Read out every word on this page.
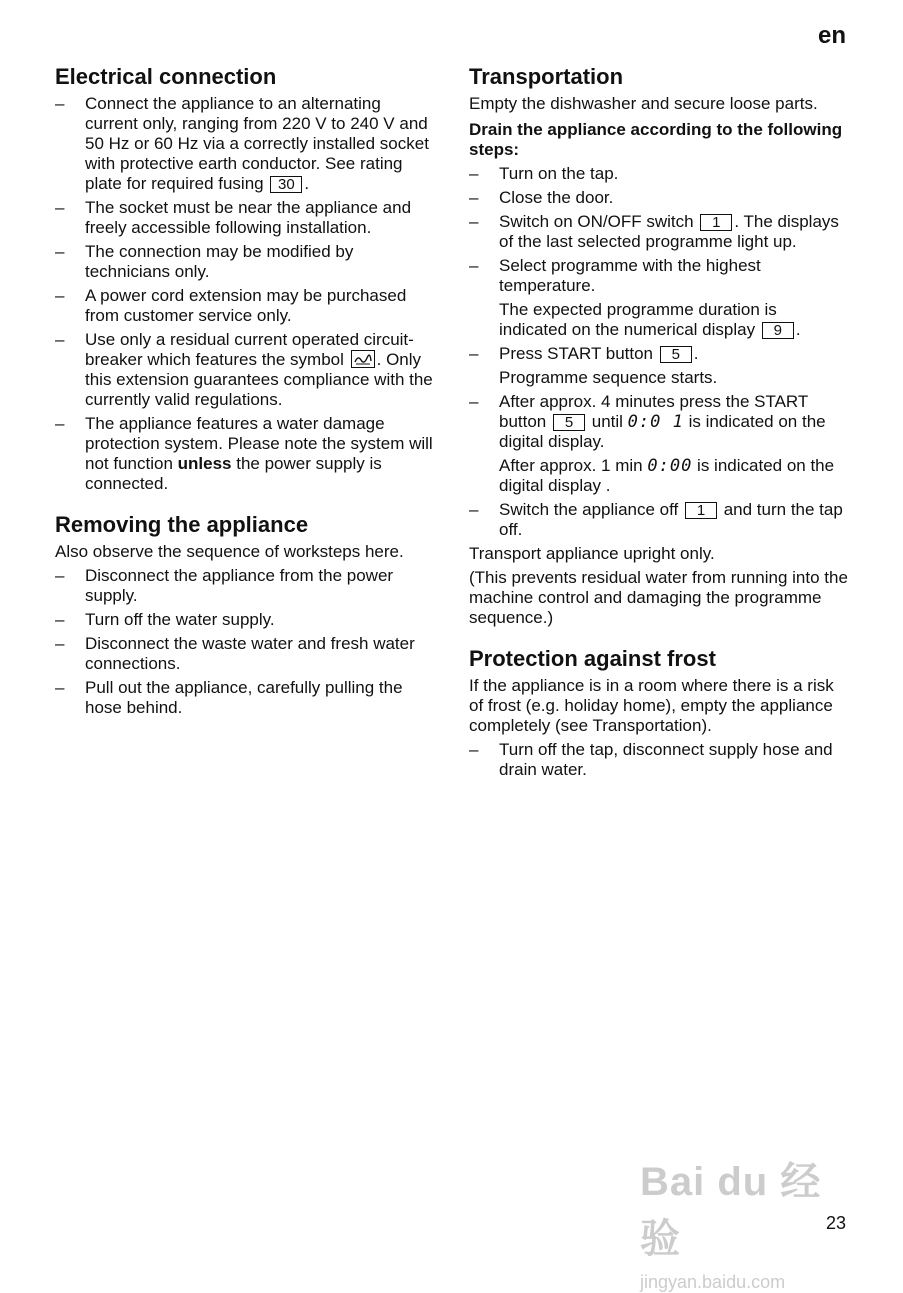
en
Electrical connection
– Connect the appliance to an alternating current only, ranging from 220 V to 240 V and 50 Hz or 60 Hz via a correctly installed socket with protective earth conductor. See rating plate for required fusing 30 .
– The socket must be near the appliance and freely accessible following installation.
– The connection may be modified by technicians only.
– A power cord extension may be purchased from customer service only.
– Use only a residual current operated circuit-breaker which features the symbol . Only this extension guarantees compliance with the currently valid regulations.
– The appliance features a water damage protection system. Please note the system will not function unless the power supply is connected.
Removing the appliance

Also observe the sequence of worksteps here.

– Disconnect the appliance from the power supply.
– Turn off the water supply.
– Disconnect the waste water and fresh water connections.
– Pull out the appliance, carefully pulling the hose behind.
Transportation

Empty the dishwasher and secure loose parts.

Drain the appliance according to the following steps:

– Turn on the tap.
– Close the door.
– Switch on ON/OFF switch 1 . The displays of the last selected programme light up.
– Select programme with the highest temperature.

The expected programme duration is indicated on the numerical display 9 .

– Press START button 5 .

Programme sequence starts.

– After approx. 4 minutes press the START button 5 until 0:0 1 is indicated on the digital display.

After approx. 1 min 0:00 is indicated on the digital display .

– Switch the appliance off 1 and turn the tap off.

Transport appliance upright only.

(This prevents residual water from running into the machine control and damaging the programme sequence.)

Protection against frost

If the appliance is in a room where there is a risk of frost (e.g. holiday home), empty the appliance completely (see Transportation).

– Turn off the tap, disconnect supply hose and drain water.
Bai du 经验
jingyan.baidu.com
23
